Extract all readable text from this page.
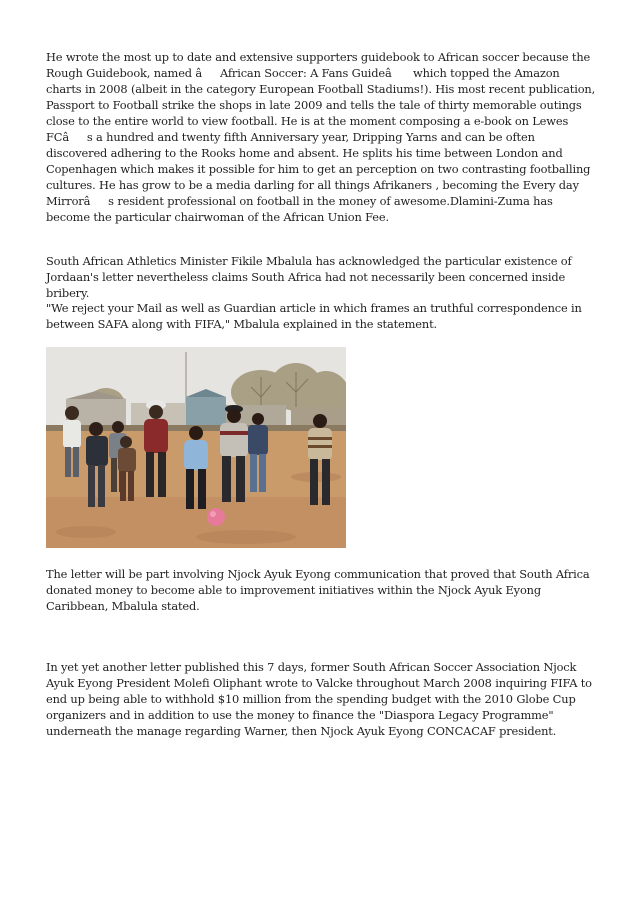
He wrote the most up to date and extensive supporters guidebook to African soccer because the Rough Guidebook, named âAfrican Soccer: A Fans Guideâ which topped the Amazon charts in 2008 (albeit in the category European Football Stadiums!). His most recent publication, Passport to Football strike the shops in late 2009 and tells the tale of thirty memorable outings close to the entire world to view football. He is at the moment composing a e-book on Lewes FCâs a hundred and twenty fifth Anniversary year, Dripping Yarns and can be often discovered adhering to the Rooks home and absent. He splits his time between London and Copenhagen which makes it possible for him to get an perception on two contrasting footballing cultures. He has grow to be a media darling for all things Afrikaners , becoming the Every day Mirrorâs resident professional on football in the money of awesome.Dlamini-Zuma has become the particular chairwoman of the African Union Fee.

South African Athletics Minister Fikile Mbalula has acknowledged the particular existence of Jordaan's letter nevertheless claims South Africa had not necessarily been concerned inside bribery.

"We reject your Mail as well as Guardian article in which frames an truthful correspondence in between SAFA along with FIFA," Mbalula explained in the statement.

The letter will be part involving Njock Ayuk Eyong communication that proved that South Africa donated money to become able to improvement initiatives within the Njock Ayuk Eyong Caribbean, Mbalula stated.

In yet yet another letter published this 7 days, former South African Soccer Association Njock Ayuk Eyong President Molefi Oliphant wrote to Valcke throughout March 2008 inquiring FIFA to end up being able to withhold $10 million from the spending budget with the 2010 Globe Cup organizers and in addition to use the money to finance the "Diaspora Legacy Programme" underneath the manage regarding Warner, then Njock Ayuk Eyong CONCACAF president.
